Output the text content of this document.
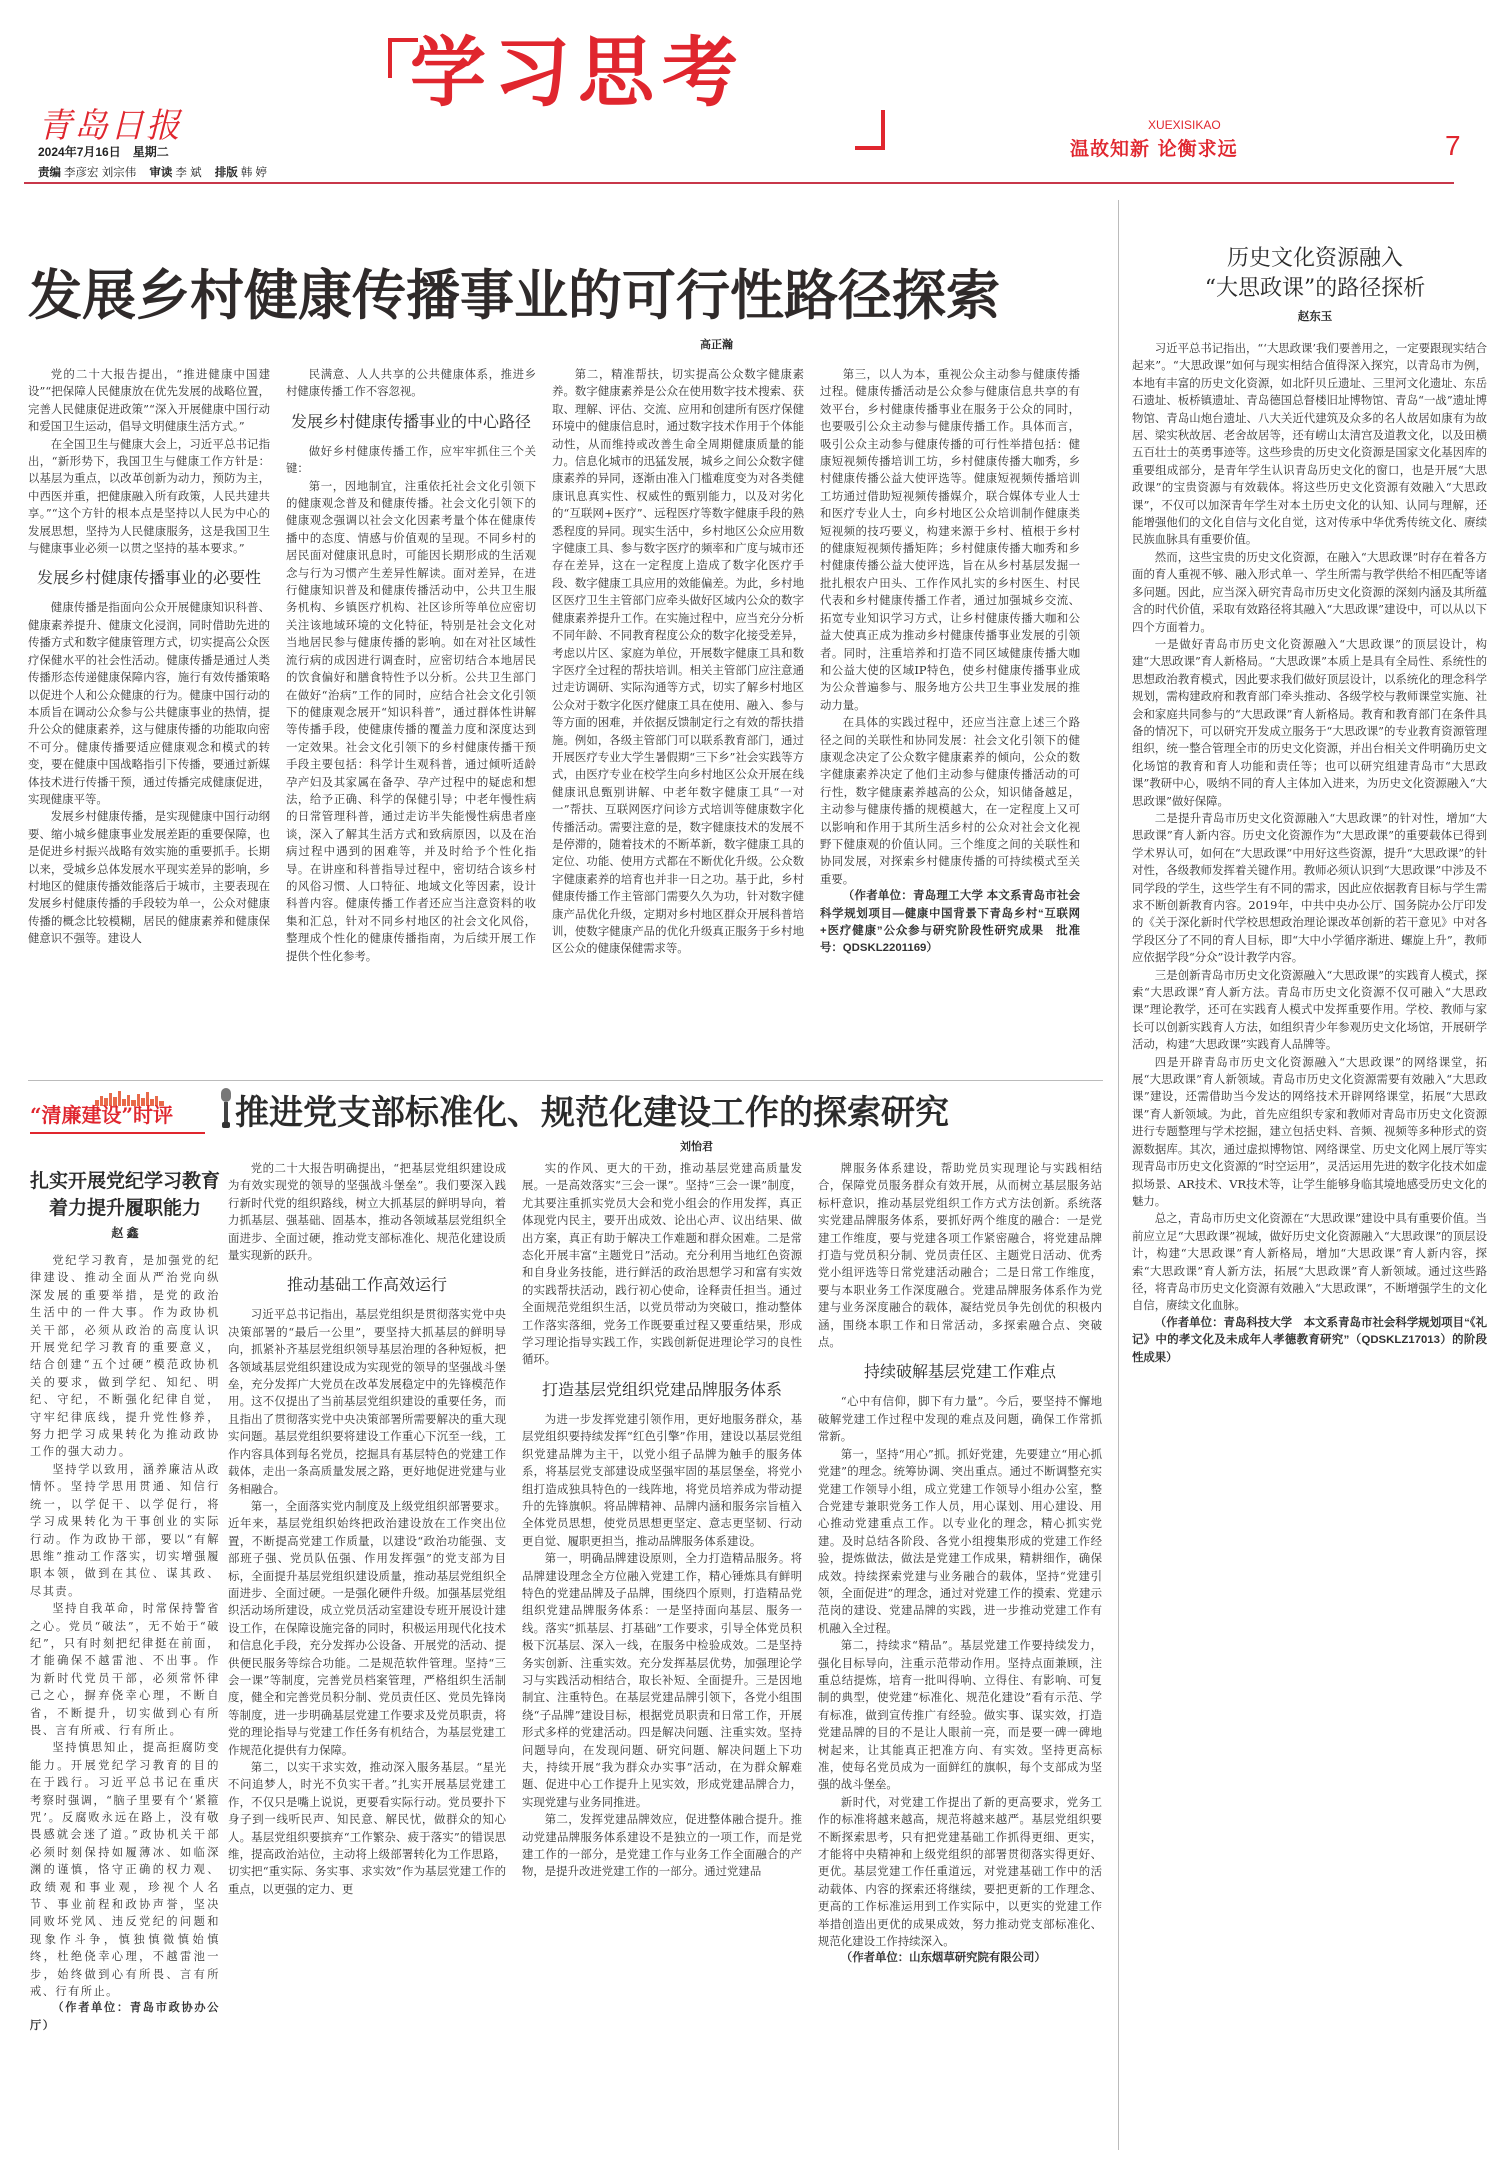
青岛日报
2024年7月16日　星期二
责编 李彦宏 刘宗伟 审读 李 斌 排版 韩 婷
学习思考
XUEXISIKAO
温故知新 论衡求远	7
发展乡村健康传播事业的可行性路径探索
高正瀚

党的二十大报告提出，“推进健康中国建设”“把保障人民健康放在优先发展的战略位置，完善人民健康促进政策”“深入开展健康中国行动和爱国卫生运动，倡导文明健康生活方式。”

在全国卫生与健康大会上，习近平总书记指出，“新形势下，我国卫生与健康工作方针是：以基层为重点，以改革创新为动力，预防为主，中西医并重，把健康融入所有政策，人民共建共享。”“这个方针的根本点是坚持以人民为中心的发展思想，坚持为人民健康服务，这是我国卫生与健康事业必须一以贯之坚持的基本要求。”

发展乡村健康传播事业的必要性

健康传播是指面向公众开展健康知识科普、健康素养提升、健康文化浸润，同时借助先进的传播方式和数字健康管理方式，切实提高公众医疗保健水平的社会性活动。健康传播是通过人类传播形态传递健康保障内容，施行有效传播策略以促进个人和公众健康的行为。健康中国行动的本质旨在调动公众参与公共健康事业的热情，提升公众的健康素养，这与健康传播的功能取向密不可分。健康传播要适应健康观念和模式的转变，要在健康中国战略指引下传播，要通过新媒体技术进行传播干预，通过传播完成健康促进，实现健康平等。

发展乡村健康传播，是实现健康中国行动纲要、缩小城乡健康事业发展差距的重要保障，也是促进乡村振兴战略有效实施的重要抓手。长期以来，受城乡总体发展水平现实差异的影响，乡村地区的健康传播效能落后于城市，主要表现在发展乡村健康传播的手段较为单一，公众对健康传播的概念比较模糊，居民的健康素养和健康保健意识不强等。建设人

民满意、人人共享的公共健康体系，推进乡村健康传播工作不容忽视。

发展乡村健康传播事业的中心路径

做好乡村健康传播工作，应牢牢抓住三个关键：

第一，因地制宜，注重依托社会文化引领下的健康观念普及和健康传播。社会文化引领下的健康观念强调以社会文化因素考量个体在健康传播中的态度、情感与价值观的呈现。不同乡村的居民面对健康讯息时，可能因长期形成的生活观念与行为习惯产生差异性解读。面对差异，在进行健康知识普及和健康传播活动中，公共卫生服务机构、乡镇医疗机构、社区诊所等单位应密切关注该地域环境的文化特征，特别是社会文化对当地居民参与健康传播的影响。如在对社区域性流行病的成因进行调查时，应密切结合本地居民的饮食偏好和膳食特性予以分析。公共卫生部门在做好“治病”工作的同时，应结合社会文化引领下的健康观念展开“知识科普”，通过群体性讲解等传播手段，使健康传播的覆盖力度和深度达到一定效果。社会文化引领下的乡村健康传播干预手段主要包括：科学计生观科普，通过倾听适龄孕产妇及其家属在备孕、孕产过程中的疑虑和想法，给予正确、科学的保健引导；中老年慢性病的日常管理科普，通过走访半失能慢性病患者座谈，深入了解其生活方式和致病原因，以及在治病过程中遇到的困难等，并及时给予个性化指导。在讲座和科普指导过程中，密切结合该乡村的风俗习惯、人口特征、地域文化等因素，设计科普内容。健康传播工作者还应当注意资料的收集和汇总，针对不同乡村地区的社会文化风俗，整理成个性化的健康传播指南，为后续开展工作提供个性化参考。

第二，精准帮扶，切实提高公众数字健康素养。数字健康素养是公众在使用数字技术搜索、获取、理解、评估、交流、应用和创建所有医疗保健环境中的健康信息时，通过数字技术作用于个体能动性，从而维持或改善生命全周期健康质量的能力。信息化城市的迅猛发展，城乡之间公众数字健康素养的异同，逐渐由准入门槛难度变为对各类健康讯息真实性、权威性的甄别能力，以及对劣化的“互联网+医疗”、远程医疗等数字健康手段的熟悉程度的异同。现实生活中，乡村地区公众应用数字健康工具、参与数字医疗的频率和广度与城市还存在差异，这在一定程度上造成了数字化医疗手段、数字健康工具应用的效能偏差。为此，乡村地区医疗卫生主管部门应牵头做好区域内公众的数字健康素养提升工作。在实施过程中，应当充分分析不同年龄、不同教育程度公众的数字化接受差异，考虑以片区、家庭为单位，开展数字健康工具和数字医疗全过程的帮扶培训。相关主管部门应注意通过走访调研、实际沟通等方式，切实了解乡村地区公众对于数字化医疗健康工具在使用、融入、参与等方面的困难，并依据反馈制定行之有效的帮扶措施。例如，各级主管部门可以联系教育部门，通过开展医疗专业大学生暑假期“三下乡”社会实践等方式，由医疗专业在校学生向乡村地区公众开展在线健康讯息甄别讲解、中老年数字健康工具“一对一”帮扶、互联网医疗问诊方式培训等健康数字化传播活动。需要注意的是，数字健康技术的发展不是停滞的，随着技术的不断革新，数字健康工具的定位、功能、使用方式都在不断优化升级。公众数字健康素养的培育也并非一日之功。基于此，乡村健康传播工作主管部门需要久久为功，针对数字健康产品优化升级，定期对乡村地区群众开展科普培训，使数字健康产品的优化升级真正服务于乡村地区公众的健康保健需求等。

第三，以人为本，重视公众主动参与健康传播过程。健康传播活动是公众参与健康信息共享的有效平台，乡村健康传播事业在服务于公众的同时，也要吸引公众主动参与健康传播工作。具体而言，吸引公众主动参与健康传播的可行性举措包括：健康短视频传播培训工坊，乡村健康传播大咖秀，乡村健康传播公益大使评选等。健康短视频传播培训工坊通过借助短视频传播媒介，联合媒体专业人士和医疗专业人士，向乡村地区公众培训制作健康类短视频的技巧要义，构建来源于乡村、植根于乡村的健康短视频传播矩阵；乡村健康传播大咖秀和乡村健康传播公益大使评选，旨在从乡村基层发掘一批扎根农户田头、工作作风扎实的乡村医生、村民代表和乡村健康传播工作者，通过加强城乡交流、拓宽专业知识学习方式，让乡村健康传播大咖和公益大使真正成为推动乡村健康传播事业发展的引领者。同时，注重培养和打造不同区域健康传播大咖和公益大使的区域IP特色，使乡村健康传播事业成为公众普遍参与、服务地方公共卫生事业发展的推动力量。

在具体的实践过程中，还应当注意上述三个路径之间的关联性和协同发展：社会文化引领下的健康观念决定了公众数字健康素养的倾向，公众的数字健康素养决定了他们主动参与健康传播活动的可行性，数字健康素养越高的公众，知识储备越足，主动参与健康传播的规模越大，在一定程度上又可以影响和作用于其所生活乡村的公众对社会文化视野下健康观的价值认同。三个维度之间的关联性和协同发展，对探索乡村健康传播的可持续模式至关重要。

（作者单位：青岛理工大学 本文系青岛市社会科学规划项目—健康中国背景下青岛乡村“互联网+医疗健康”公众参与研究阶段性研究成果　批准号：QDSKL2201169）

历史文化资源融入
“大思政课”的路径探析
赵东玉

习近平总书记指出，“‘大思政课’我们要善用之，一定要跟现实结合起来”。“大思政课”如何与现实相结合值得深入探究，以青岛市为例，本地有丰富的历史文化资源，如北阡贝丘遗址、三里河文化遗址、东岳石遗址、板桥镇遗址、青岛德国总督楼旧址博物馆、青岛“一战”遗址博物馆、青岛山炮台遗址、八大关近代建筑及众多的名人故居如康有为故居、梁实秋故居、老舍故居等，还有崂山太清宫及道教文化，以及田横五百壮士的英勇事迹等。这些珍贵的历史文化资源是国家文化基因库的重要组成部分，是青年学生认识青岛历史文化的窗口，也是开展“大思政课”的宝贵资源与有效载体。将这些历史文化资源有效融入“大思政课”，不仅可以加深青年学生对本土历史文化的认知、认同与理解，还能增强他们的文化自信与文化自觉，这对传承中华优秀传统文化、赓续民族血脉具有重要价值。

然而，这些宝贵的历史文化资源，在融入“大思政课”时存在着各方面的育人重视不够、融入形式单一、学生所需与教学供给不相匹配等诸多问题。因此，应当深入研究青岛市历史文化资源的深刻内涵及其所蕴含的时代价值，采取有效路径将其融入“大思政课”建设中，可以从以下四个方面着力。

一是做好青岛市历史文化资源融入“大思政课”的顶层设计，构建“大思政课”育人新格局。“大思政课”本质上是具有全局性、系统性的思想政治教育模式，因此要求我们做好顶层设计，以系统化的理念科学规划，需构建政府和教育部门牵头推动、各级学校与教师课堂实施、社会和家庭共同参与的“大思政课”育人新格局。教育和教育部门在条件具备的情况下，可以研究开发成立服务于“大思政课”的专业教育资源管理组织，统一整合管理全市的历史文化资源，并出台相关文件明确历史文化场馆的教育和育人功能和责任等；也可以研究组建青岛市“大思政课”教研中心，吸纳不同的育人主体加入进来，为历史文化资源融入“大思政课”做好保障。

二是提升青岛市历史文化资源融入“大思政课”的针对性，增加“大思政课”育人新内容。历史文化资源作为“大思政课”的重要载体已得到学术界认可，如何在“大思政课”中用好这些资源，提升“大思政课”的针对性，各级教师发挥着关键作用。教师必须认识到“大思政课”中涉及不同学段的学生，这些学生有不同的需求，因此应依据教育目标与学生需求不断创新教育内容。2019年，中共中央办公厅、国务院办公厅印发的《关于深化新时代学校思想政治理论课改革创新的若干意见》中对各学段区分了不同的育人目标，即“大中小学循序渐进、螺旋上升”，教师应依据学段“分众”设计教学内容。

三是创新青岛市历史文化资源融入“大思政课”的实践育人模式，探索“大思政课”育人新方法。青岛市历史文化资源不仅可融入“大思政课”理论教学，还可在实践育人模式中发挥重要作用。学校、教师与家长可以创新实践育人方法，如组织青少年参观历史文化场馆，开展研学活动，构建“大思政课”实践育人品牌等。

四是开辟青岛市历史文化资源融入“大思政课”的网络课堂，拓展“大思政课”育人新领域。青岛市历史文化资源需要有效融入“大思政课”建设，还需借助当今发达的网络技术开辟网络课堂，拓展“大思政课”育人新领域。为此，首先应组织专家和教师对青岛市历史文化资源进行专题整理与学术挖掘，建立包括史料、音频、视频等多种形式的资源数据库。其次，通过虚拟博物馆、网络课堂、历史文化网上展厅等实现青岛市历史文化资源的“时空运用”，灵活运用先进的数字化技术如虚拟场景、AR技术、VR技术等，让学生能够身临其境地感受历史文化的魅力。

总之，青岛市历史文化资源在“大思政课”建设中具有重要价值。当前应立足“大思政课”视域，做好历史文化资源融入“大思政课”的顶层设计，构建“大思政课”育人新格局，增加“大思政课”育人新内容，探索“大思政课”育人新方法，拓展“大思政课”育人新领域。通过这些路径，将青岛市历史文化资源有效融入“大思政课”，不断增强学生的文化自信，赓续文化血脉。

（作者单位：青岛科技大学　本文系青岛市社会科学规划项目“《礼记》中的孝文化及未成年人孝德教育研究”（QDSKLZ17013）的阶段性成果）

“清廉建设”时评
扎实开展党纪学习教育
着力提升履职能力
赵 鑫

党纪学习教育，是加强党的纪律建设、推动全面从严治党向纵深发展的重要举措，是党的政治生活中的一件大事。作为政协机关干部，必须从政治的高度认识开展党纪学习教育的重要意义，结合创建“五个过硬”模范政协机关的要求，做到学纪、知纪、明纪、守纪，不断强化纪律自觉，守牢纪律底线，提升党性修养，努力把学习成果转化为推动政协工作的强大动力。

坚持学以致用，涵养廉洁从政情怀。坚持学思用贯通、知信行统一，以学促干、以学促行，将学习成果转化为干事创业的实际行动。作为政协干部，要以“有解思维”推动工作落实，切实增强履职本领，做到在其位、谋其政、尽其责。

坚持自我革命，时常保持警省之心。党员“破法”，无不始于“破纪”，只有时刻把纪律挺在前面，才能确保不越雷池、不出事。作为新时代党员干部，必须常怀律己之心，摒弃侥幸心理，不断自省，不断提升，切实做到心有所畏、言有所戒、行有所止。

坚持慎思知止，提高拒腐防变能力。开展党纪学习教育的目的在于践行。习近平总书记在重庆考察时强调，“脑子里要有个‘紧箍咒’。反腐败永远在路上，没有敬畏感就会迷了道。”政协机关干部必须时刻保持如履薄冰、如临深渊的谨慎，恪守正确的权力观、政绩观和事业观，珍视个人名节、事业前程和政协声誉，坚决同败坏党风、违反党纪的问题和现象作斗争，慎独慎微慎始慎终，杜绝侥幸心理，不越雷池一步，始终做到心有所畏、言有所戒、行有所止。

（作者单位：青岛市政协办公厅）

推进党支部标准化、规范化建设工作的探索研究
刘怡君

党的二十大报告明确提出，“把基层党组织建设成为有效实现党的领导的坚强战斗堡垒”。我们要深入践行新时代党的组织路线，树立大抓基层的鲜明导向，着力抓基层、强基础、固基本，推动各领域基层党组织全面进步、全面过硬，推动党支部标准化、规范化建设质量实现新的跃升。

推动基础工作高效运行

习近平总书记指出，基层党组织是贯彻落实党中央决策部署的“最后一公里”，要坚持大抓基层的鲜明导向，抓紧补齐基层党组织领导基层治理的各种短板，把各领域基层党组织建设成为实现党的领导的坚强战斗堡垒，充分发挥广大党员在改革发展稳定中的先锋模范作用。这不仅提出了当前基层党组织建设的重要任务，而且指出了贯彻落实党中央决策部署所需要解决的重大现实问题。基层党组织要将建设工作重心下沉至一线，工作内容具体到每名党员，挖掘具有基层特色的党建工作载体，走出一条高质量发展之路，更好地促进党建与业务相融合。

第一，全面落实党内制度及上级党组织部署要求。近年来，基层党组织始终把政治建设放在工作突出位置，不断提高党建工作质量，以建设“政治功能强、支部班子强、党员队伍强、作用发挥强”的党支部为目标，全面提升基层党组织建设质量，推动基层党组织全面进步、全面过硬。一是强化硬件升级。加强基层党组织活动场所建设，成立党员活动室建设专班开展设计建设工作，在保障设施完备的同时，积极运用现代化技术和信息化手段，充分发挥办公设备、开展党的活动、提供便民服务等综合功能。二是规范软件管理。坚持“三会一课”等制度，完善党员档案管理，严格组织生活制度，健全和完善党员积分制、党员责任区、党员先锋岗等制度，进一步明确基层党建工作要求及党员职责，将党的理论指导与党建工作任务有机结合，为基层党建工作规范化提供有力保障。

第二，以实干求实效，推动深入服务基层。“星光不问追梦人，时光不负实干者。”扎实开展基层党建工作，不仅只是嘴上说说，更要看实际行动。党员要扑下身子到一线听民声、知民意、解民忧，做群众的知心人。基层党组织要摈弃“工作繁杂、疲于落实”的错误思维，提高政治站位，主动将上级部署转化为工作思路，切实把“重实际、务实事、求实效”作为基层党建工作的重点，以更强的定力、更

实的作风、更大的干劲，推动基层党建高质量发展。一是高效落实“三会一课”。坚持“三会一课”制度，尤其要注重抓实党员大会和党小组会的作用发挥，真正体现党内民主，要开出成效、论出心声、议出结果、做出方案，真正有助于解决工作难题和群众困难。二是常态化开展丰富“主题党日”活动。充分利用当地红色资源和自身业务技能，进行鲜活的政治思想学习和富有实效的实践帮扶活动，践行初心使命，诠释责任担当。通过全面规范党组织生活，以党员带动为突破口，推动整体工作落实落细，党务工作既要重过程又要重结果，形成学习理论指导实践工作，实践创新促进理论学习的良性循环。

打造基层党组织党建品牌服务体系

为进一步发挥党建引领作用，更好地服务群众，基层党组织要持续发挥“红色引擎”作用，建设以基层党组织党建品牌为主干，以党小组子品牌为触手的服务体系，将基层党支部建设成坚强牢固的基层堡垒，将党小组打造成独具特色的一线阵地，将党员培养成为带动提升的先锋旗帜。将品牌精神、品牌内涵和服务宗旨植入全体党员思想，使党员思想更坚定、意志更坚韧、行动更自觉、履职更担当，推动品牌服务体系建设。

第一，明确品牌建设原则，全力打造精品服务。将品牌建设理念全方位融入党建工作，精心锤炼具有鲜明特色的党建品牌及子品牌，围绕四个原则，打造精品党组织党建品牌服务体系：一是坚持面向基层、服务一线。落实“抓基层、打基础”工作要求，引导全体党员积极下沉基层、深入一线，在服务中检验成效。二是坚持务实创新、注重实效。充分发挥基层优势，加强理论学习与实践活动相结合，取长补短、全面提升。三是因地制宜、注重特色。在基层党建品牌引领下，各党小组围绕“子品牌”建设目标，根据党员职责和日常工作，开展形式多样的党建活动。四是解决问题、注重实效。坚持问题导向，在发现问题、研究问题、解决问题上下功夫，持续开展“我为群众办实事”活动，在为群众解难题、促进中心工作提升上见实效，形成党建品牌合力，实现党建与业务同推进。

第二，发挥党建品牌效应，促进整体融合提升。推动党建品牌服务体系建设不是独立的一项工作，而是党建工作的一部分，是党建工作与业务工作全面融合的产物，是提升改进党建工作的一部分。通过党建品

牌服务体系建设，帮助党员实现理论与实践相结合，保障党员服务群众有效开展，从而树立基层服务站标杆意识，推动基层党组织工作方式方法创新。系统落实党建品牌服务体系，要抓好两个维度的融合：一是党建工作维度，要与党建各项工作紧密融合，将党建品牌打造与党员积分制、党员责任区、主题党日活动、优秀党小组评选等日常党建活动融合；二是日常工作维度，要与本职业务工作深度融合。党建品牌服务体系作为党建与业务深度融合的载体，凝结党员争先创优的积极内涵，围绕本职工作和日常活动，多探索融合点、突破点。

持续破解基层党建工作难点

“心中有信仰，脚下有力量”。今后，要坚持不懈地破解党建工作过程中发现的难点及问题，确保工作常抓常新。

第一，坚持“用心”抓。抓好党建，先要建立“用心抓党建”的理念。统筹协调、突出重点。通过不断调整充实党建工作领导小组，成立党建工作领导小组办公室，整合党建专兼职党务工作人员，用心谋划、用心建设、用心推动党建重点工作。以专业化的理念，精心抓实党建。及时总结各阶段、各党小组搜集形成的党建工作经验，提炼做法，做法是党建工作成果，精耕细作，确保成效。持续探索党建与业务融合的载体，坚持“党建引领，全面促进”的理念，通过对党建工作的摸索、党建示范岗的建设、党建品牌的实践，进一步推动党建工作有机融入全过程。

第二，持续求“精品”。基层党建工作要持续发力，强化目标导向，注重示范带动作用。坚持点面兼顾，注重总结提炼，培育一批叫得响、立得住、有影响、可复制的典型，使党建“标准化、规范化建设”看有示范、学有标准，做到宣传推广有经验。做实事、谋实效，打造党建品牌的目的不是让人眼前一亮，而是要一碑一碑地树起来，让其能真正把准方向、有实效。坚持更高标准，使每名党员成为一面鲜红的旗帜，每个支部成为坚强的战斗堡垒。

新时代，对党建工作提出了新的更高要求，党务工作的标准将越来越高，规范将越来越严。基层党组织要不断探索思考，只有把党建基础工作抓得更细、更实，才能将中央精神和上级党组织的部署贯彻落实得更好、更优。基层党建工作任重道远，对党建基础工作中的活动载体、内容的探索还将继续，要把更新的工作理念、更高的工作标准运用到工作实际中，以更实的党建工作举措创造出更优的成果成效，努力推动党支部标准化、规范化建设工作持续深入。

（作者单位：山东烟草研究院有限公司）
